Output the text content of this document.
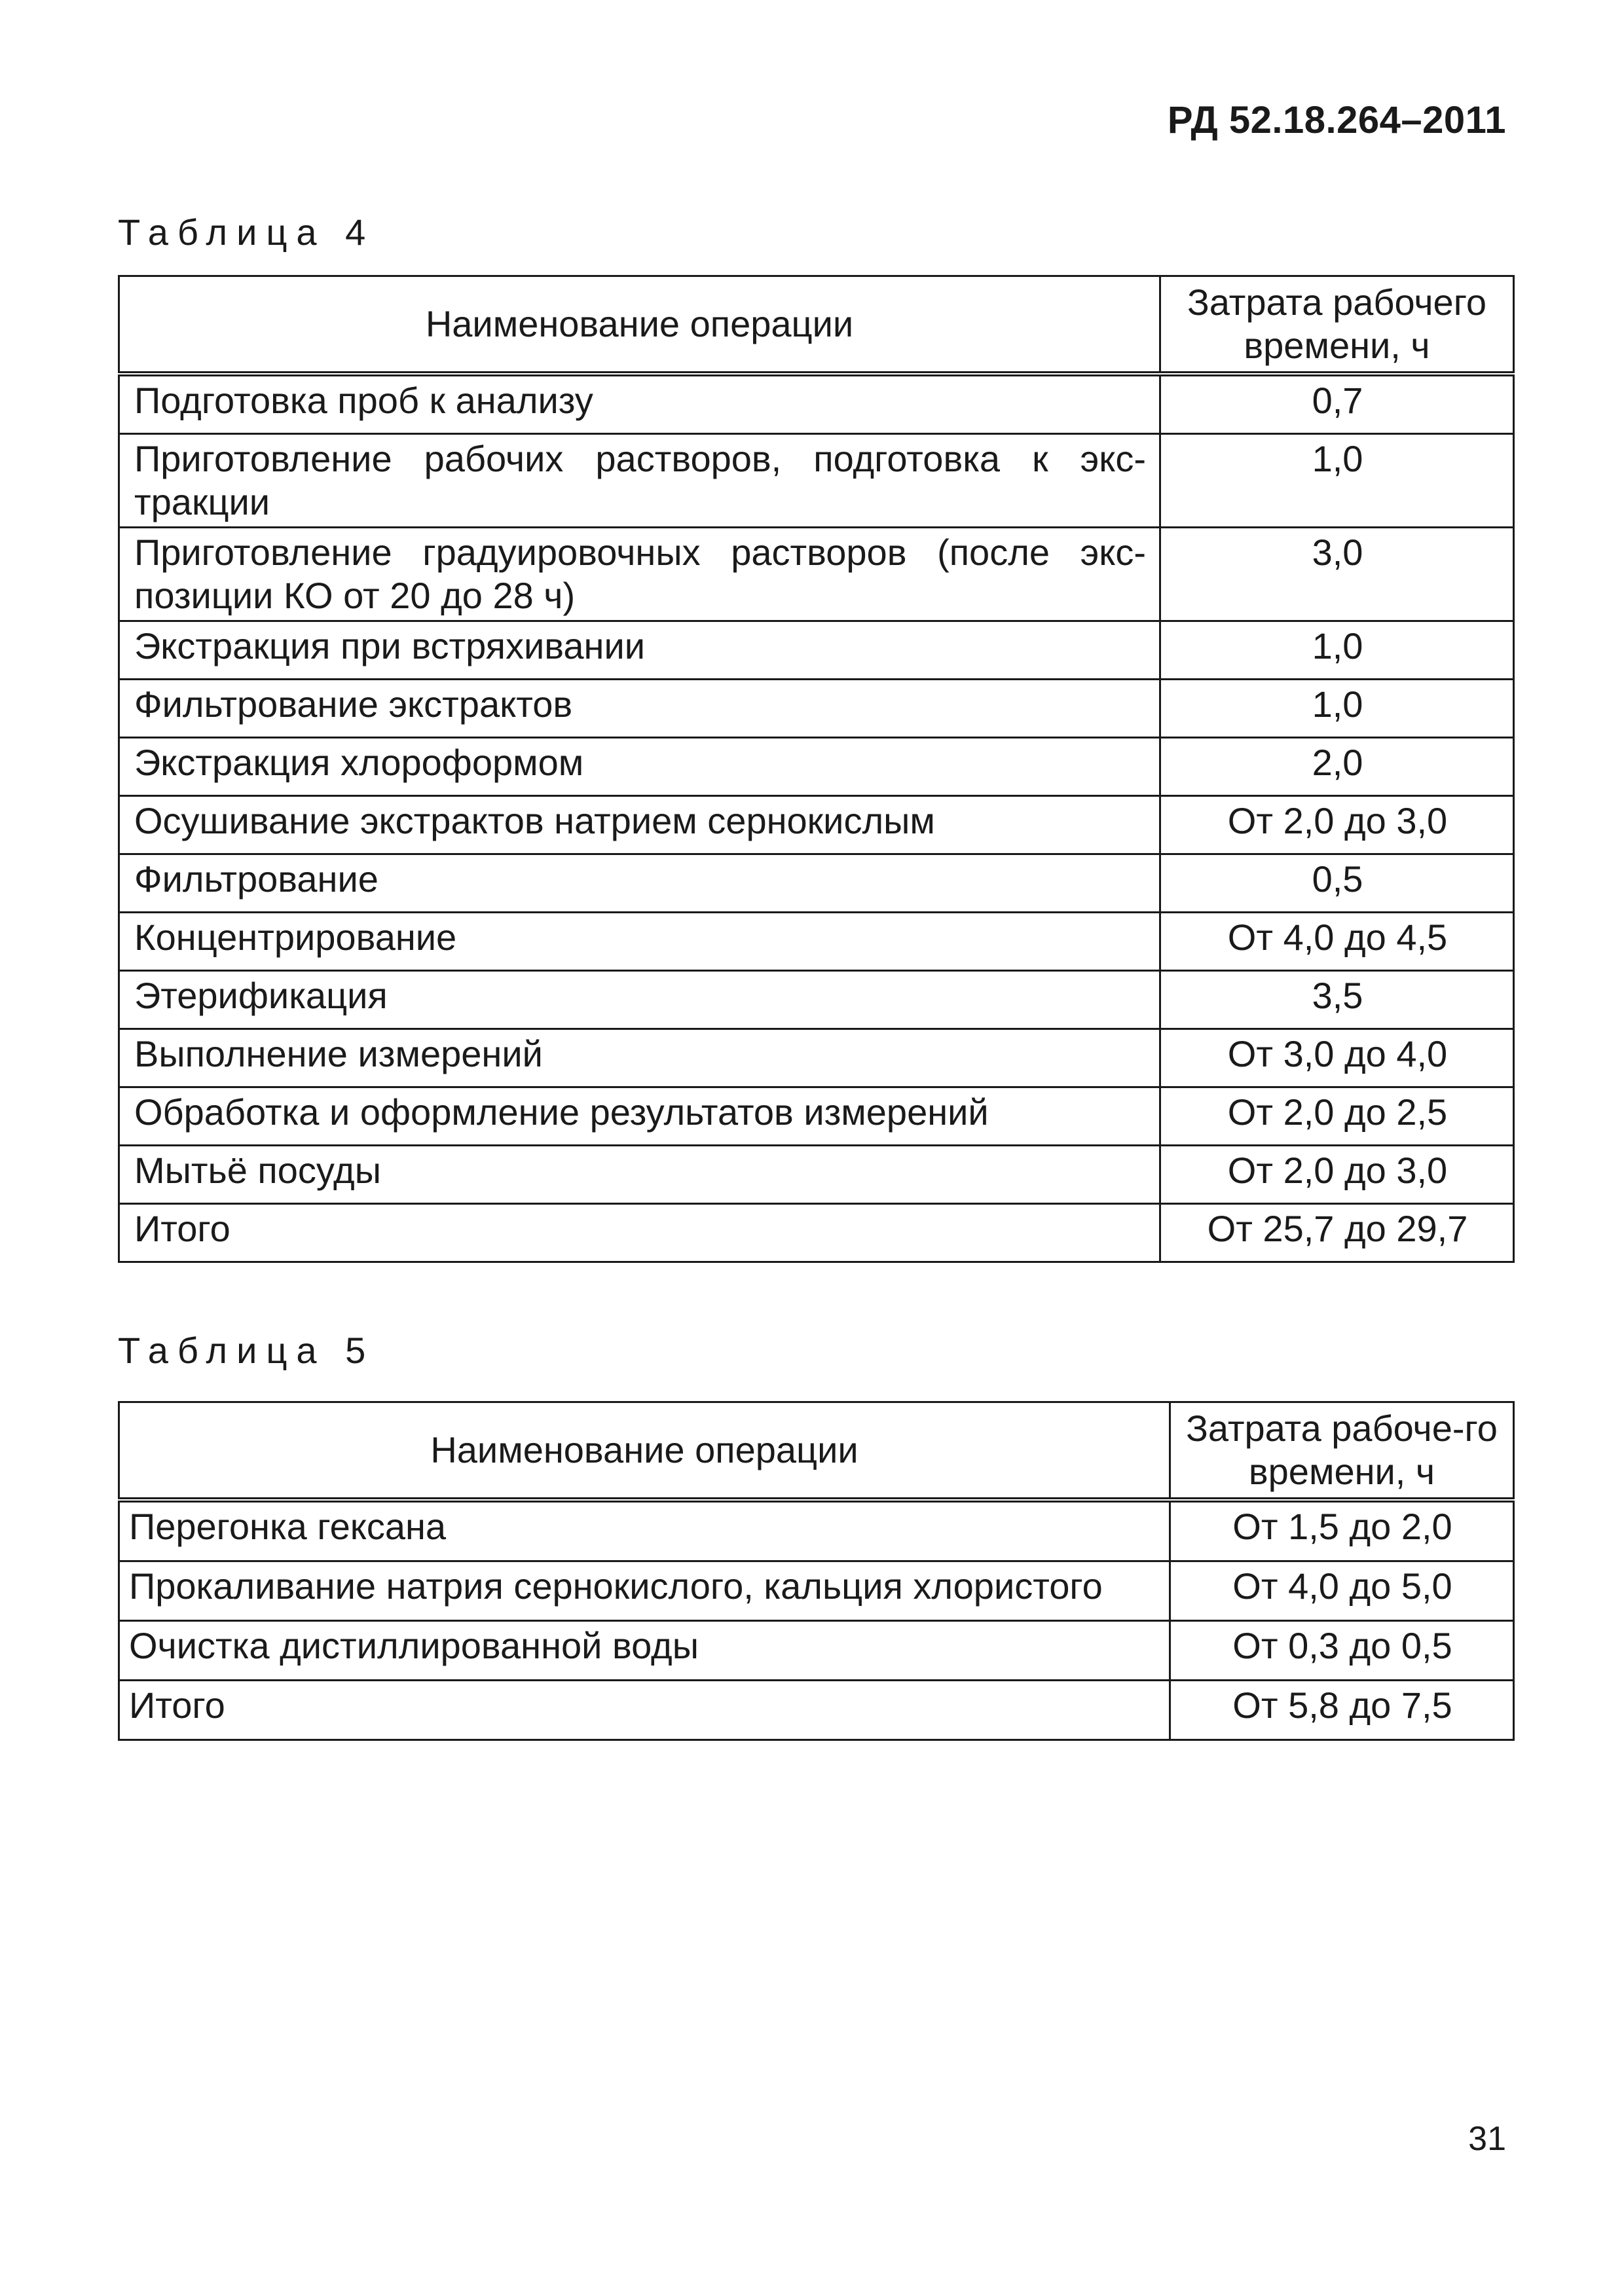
РД 52.18.264–2011
Таблица 4
Наименование операции	Затрата рабочего времени, ч
Подготовка проб к анализу	0,7
Приготовление рабочих растворов, подготовка к экс-тракции	1,0
Приготовление градуировочных растворов (после экс-позиции КО от 20 до 28 ч)	3,0
Экстракция при встряхивании	1,0
Фильтрование экстрактов	1,0
Экстракция хлороформом	2,0
Осушивание экстрактов натрием сернокислым	От 2,0 до 3,0
Фильтрование	0,5
Концентрирование	От 4,0 до 4,5
Этерификация	3,5
Выполнение измерений	От 3,0 до 4,0
Обработка и оформление результатов измерений	От 2,0 до 2,5
Мытьё посуды	От 2,0 до 3,0
Итого	От 25,7 до 29,7
Таблица 5
Наименование операции	Затрата рабоче-го времени, ч
Перегонка гексана	От 1,5 до 2,0
Прокаливание натрия сернокислого, кальция хлористого	От 4,0 до 5,0
Очистка дистиллированной воды	От 0,3 до 0,5
Итого	От 5,8 до 7,5
31
